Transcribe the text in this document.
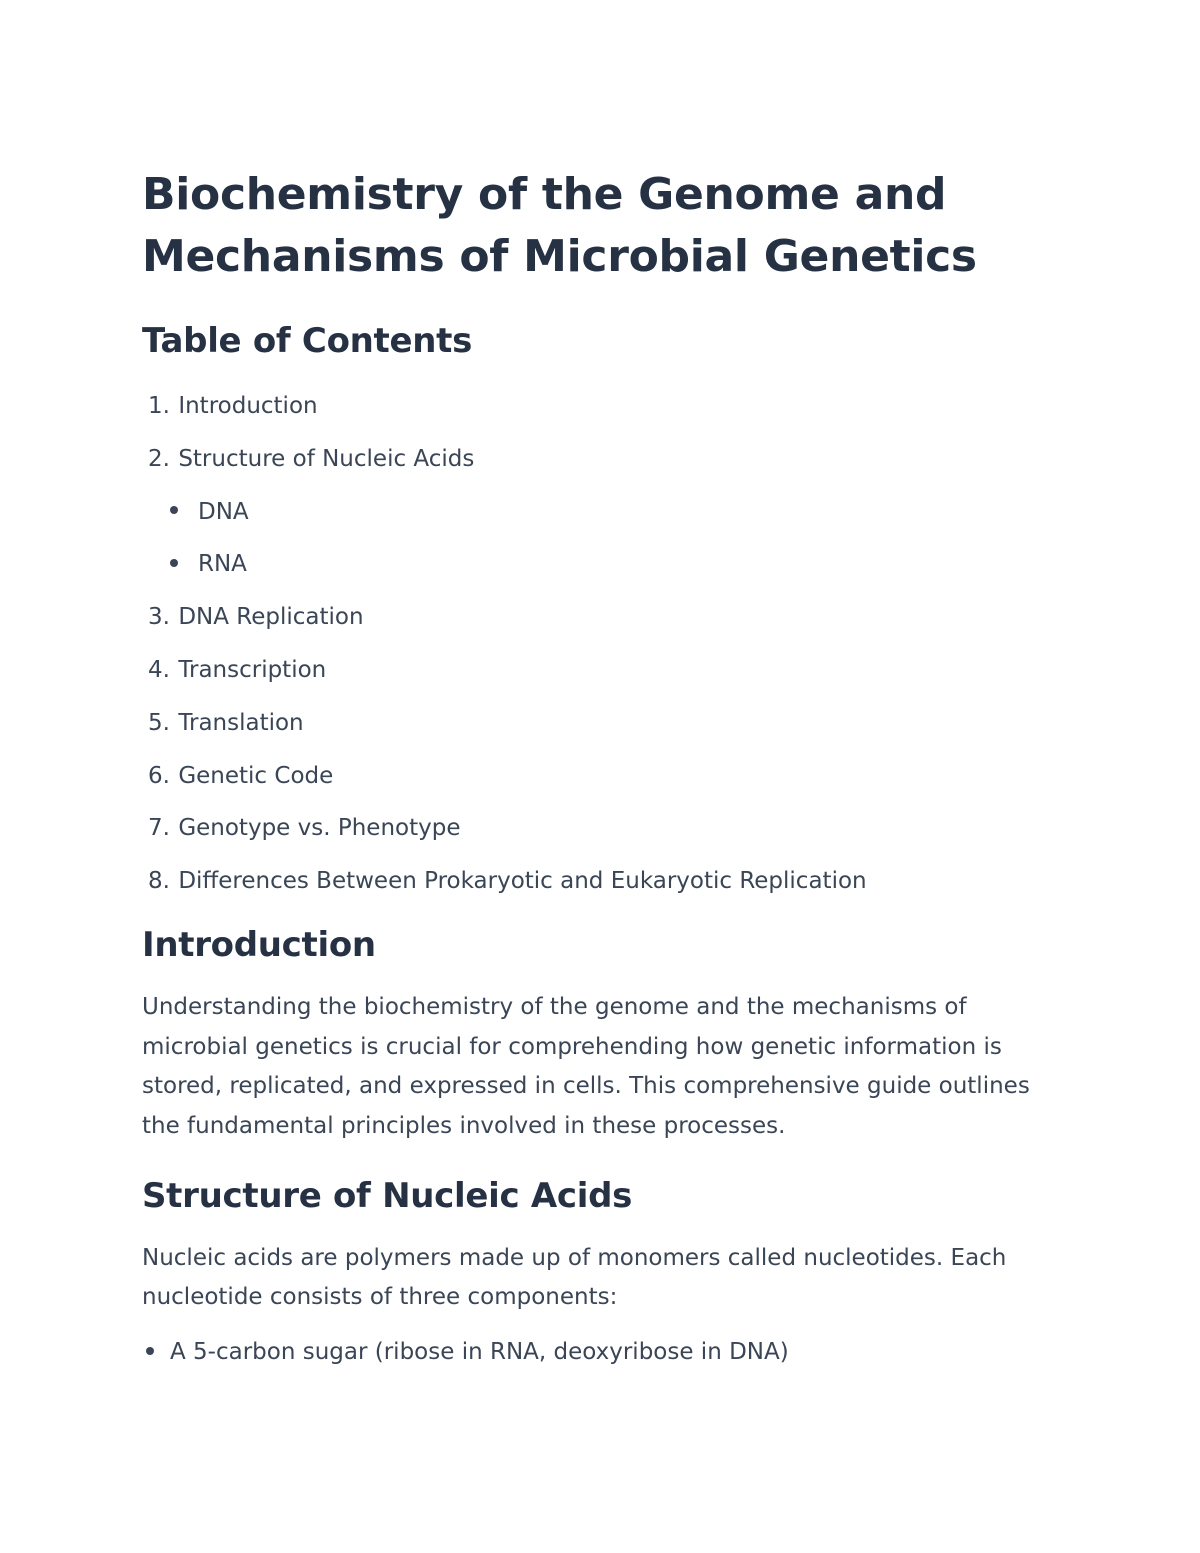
Biochemistry of the Genome and
Mechanisms of Microbial Genetics
Table of Contents
1. Introduction
2. Structure of Nucleic Acids
DNA
RNA
3. DNA Replication
4. Transcription
5. Translation
6. Genetic Code
7. Genotype vs. Phenotype
8. Differences Between Prokaryotic and Eukaryotic Replication
Introduction

Understanding the biochemistry of the genome and the mechanisms of microbial genetics is crucial for comprehending how genetic information is stored, replicated, and expressed in cells. This comprehensive guide outlines the fundamental principles involved in these processes.

Structure of Nucleic Acids

Nucleic acids are polymers made up of monomers called nucleotides. Each nucleotide consists of three components:

A 5-carbon sugar (ribose in RNA, deoxyribose in DNA)
